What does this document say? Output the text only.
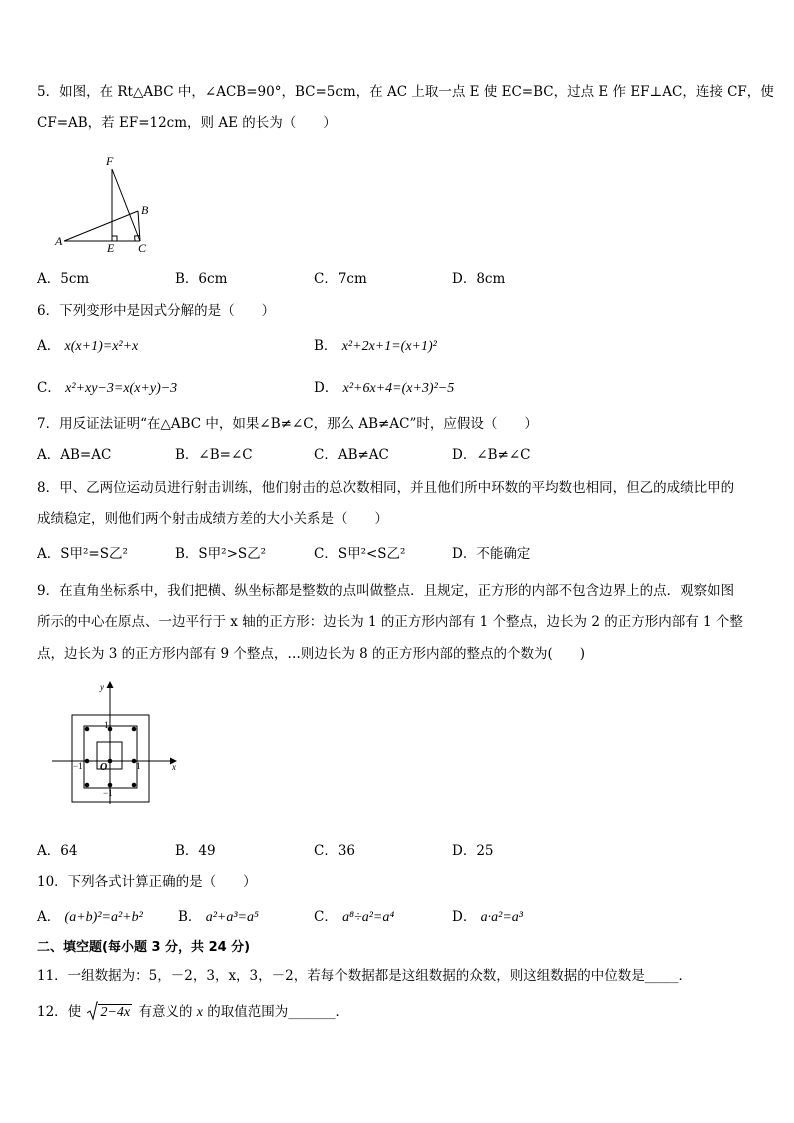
5．如图，在 Rt△ABC 中，∠ACB=90°，BC=5cm，在 AC 上取一点 E 使 EC=BC，过点 E 作 EF⊥AC，连接 CF，使
CF=AB，若 EF=12cm，则 AE 的长为（　　）
F
B
A	E C
A．5cm	B．6cm	C．7cm	D．8cm
6．下列变形中是因式分解的是（　　）
A． x(x+1)=x²+x	B． x²+2x+1=(x+1)²
C． x²+xy−3=x(x+y)−3	D． x²+6x+4=(x+3)²−5
7．用反证法证明“在△ABC 中，如果∠B≠∠C，那么 AB≠AC”时，应假设（　　）
A．AB=AC	B．∠B=∠C	C．AB≠AC	D．∠B≠∠C
8．甲、乙两位运动员进行射击训练，他们射击的总次数相同，并且他们所中环数的平均数也相同，但乙的成绩比甲的
成绩稳定，则他们两个射击成绩方差的大小关系是（　　）
A．S甲²=S乙²	B．S甲²>S乙²	C．S甲²<S乙²	D．不能确定
9．在直角坐标系中，我们把横、纵坐标都是整数的点叫做整点．且规定，正方形的内部不包含边界上的点．观察如图
所示的中心在原点、一边平行于 x 轴的正方形：边长为 1 的正方形内部有 1 个整点，边长为 2 的正方形内部有 1 个整
点，边长为 3 的正方形内部有 9 个整点，…则边长为 8 的正方形内部的整点的个数为(　　)
y
x
O
1
−1	1
−1
A．64	B．49	C．36	D．25
10．下列各式计算正确的是（　　）
A． (a+b)²=a²+b²	B． a²+a³=a⁵	C． a⁸÷a²=a⁴	D． a·a²=a³
二、填空题(每小题 3 分，共 24 分)
11．一组数据为：5，－2，3，x，3，－2，若每个数据都是这组数据的众数，则这组数据的中位数是_____．
12．使 2−4x 有意义的 x 的取值范围为_______．
